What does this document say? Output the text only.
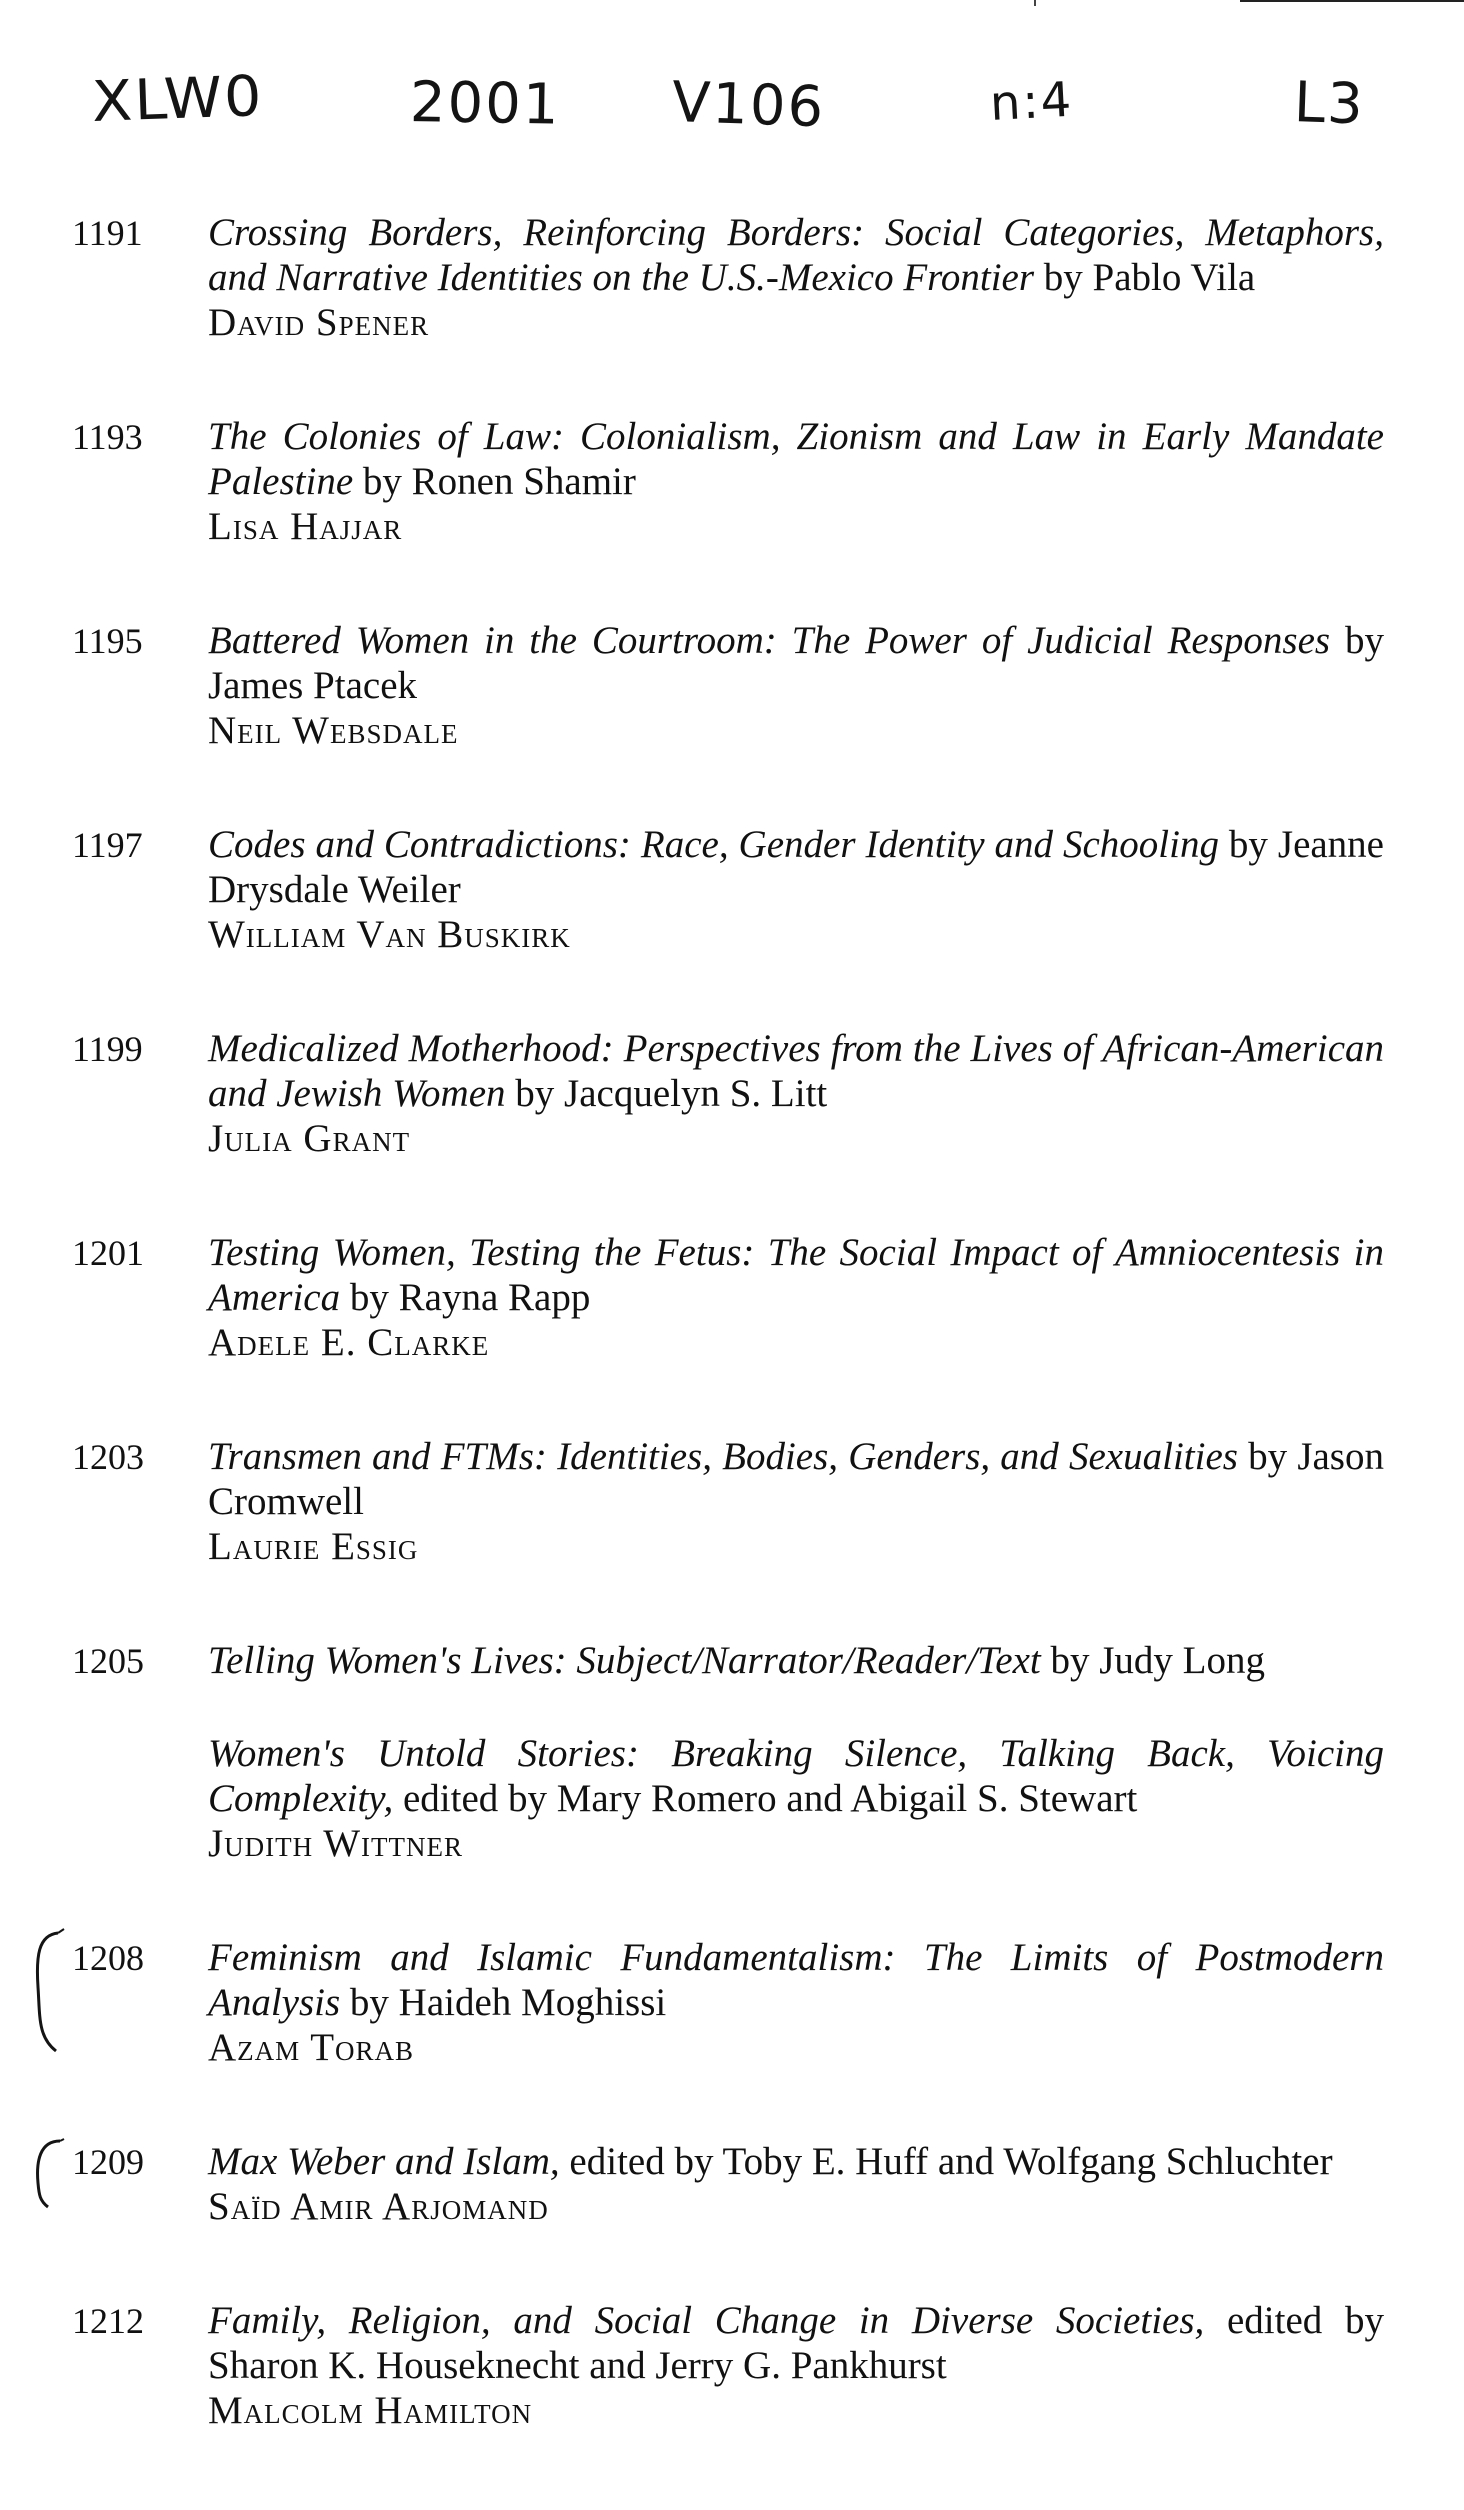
XLW0	2001 V106	n:4	L3
1191 Crossing Borders, Reinforcing Borders: Social Categories, Metaphors, and Narrative Identities on the U.S.-Mexico Frontier by Pablo Vila

David Spener

1193 The Colonies of Law: Colonialism, Zionism and Law in Early Mandate Palestine by Ronen Shamir

Lisa Hajjar

1195 Battered Women in the Courtroom: The Power of Judicial Responses by James Ptacek

Neil Websdale

1197 Codes and Contradictions: Race, Gender Identity and Schooling by Jeanne Drysdale Weiler

William Van Buskirk

1199 Medicalized Motherhood: Perspectives from the Lives of African-American and Jewish Women by Jacquelyn S. Litt

Julia Grant

1201 Testing Women, Testing the Fetus: The Social Impact of Amniocentesis in America by Rayna Rapp

Adele E. Clarke

1203 Transmen and FTMs: Identities, Bodies, Genders, and Sexualities by Jason Cromwell

Laurie Essig

1205 Telling Women's Lives: Subject/Narrator/Reader/Text by Judy Long

Women's Untold Stories: Breaking Silence, Talking Back, Voicing Complexity, edited by Mary Romero and Abigail S. Stewart

Judith Wittner

1208 Feminism and Islamic Fundamentalism: The Limits of Postmodern Analysis by Haideh Moghissi

Azam Torab

1209 Max Weber and Islam, edited by Toby E. Huff and Wolfgang Schluchter

Saïd Amir Arjomand

1212 Family, Religion, and Social Change in Diverse Societies, edited by Sharon K. Houseknecht and Jerry G. Pankhurst

Malcolm Hamilton
